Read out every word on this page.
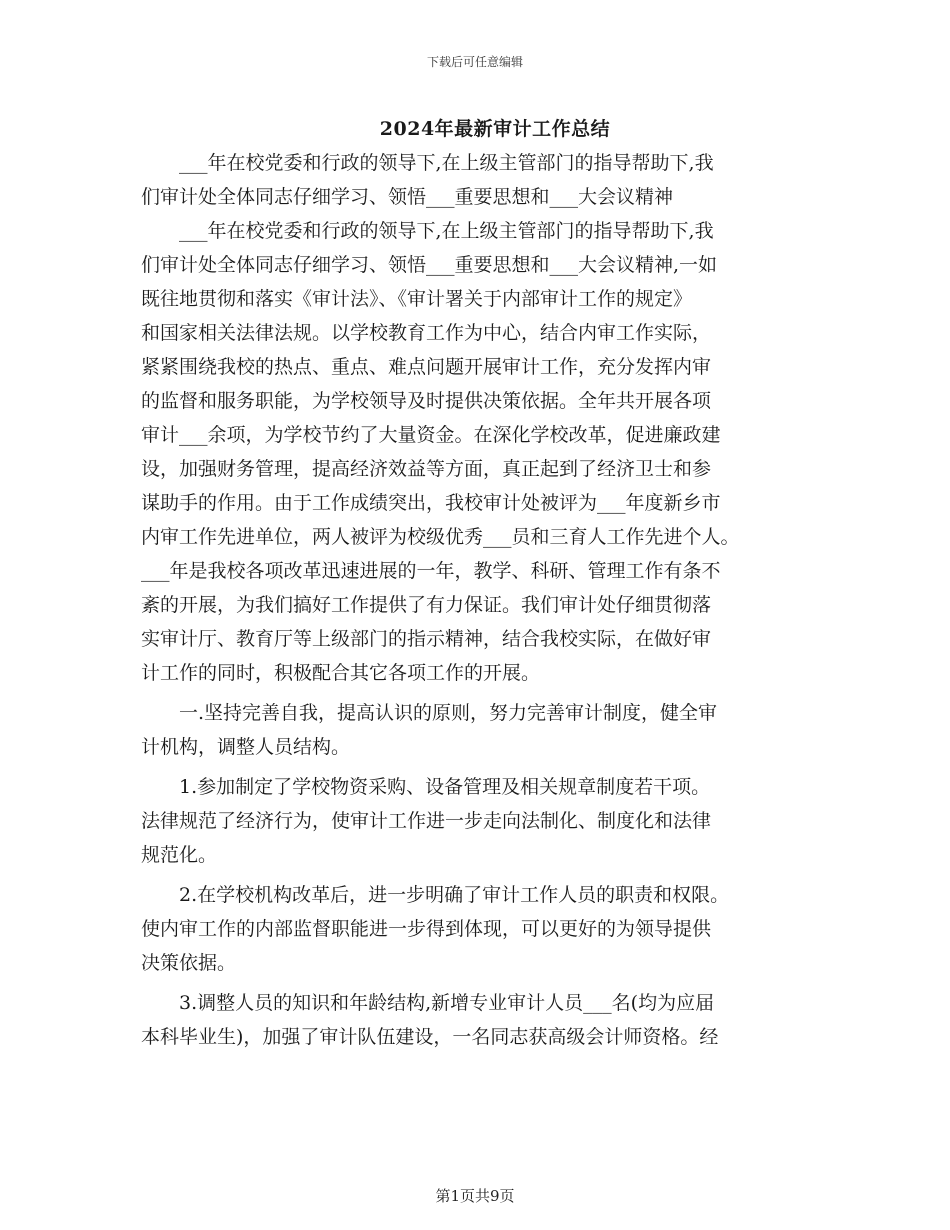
下载后可任意编辑
2024年最新审计工作总结
___年在校党委和行政的领导下,在上级主管部门的指导帮助下,我
们审计处全体同志仔细学习、领悟___重要思想和___大会议精神
___年在校党委和行政的领导下,在上级主管部门的指导帮助下,我
们审计处全体同志仔细学习、领悟___重要思想和___大会议精神,一如
既往地贯彻和落实《审计法》、《审计署关于内部审计工作的规定》
和国家相关法律法规。以学校教育工作为中心，结合内审工作实际，
紧紧围绕我校的热点、重点、难点问题开展审计工作，充分发挥内审
的监督和服务职能，为学校领导及时提供决策依据。全年共开展各项
审计___余项，为学校节约了大量资金。在深化学校改革，促进廉政建
设，加强财务管理，提高经济效益等方面，真正起到了经济卫士和参
谋助手的作用。由于工作成绩突出，我校审计处被评为___年度新乡市
内审工作先进单位，两人被评为校级优秀___员和三育人工作先进个人。
___年是我校各项改革迅速进展的一年，教学、科研、管理工作有条不
紊的开展，为我们搞好工作提供了有力保证。我们审计处仔细贯彻落
实审计厅、教育厅等上级部门的指示精神，结合我校实际，在做好审
计工作的同时，积极配合其它各项工作的开展。
一.坚持完善自我，提高认识的原则，努力完善审计制度，健全审
计机构，调整人员结构。
1.参加制定了学校物资采购、设备管理及相关规章制度若干项。
法律规范了经济行为，使审计工作进一步走向法制化、制度化和法律
规范化。
2.在学校机构改革后，进一步明确了审计工作人员的职责和权限。
使内审工作的内部监督职能进一步得到体现，可以更好的为领导提供
决策依据。
3.调整人员的知识和年龄结构,新增专业审计人员___名(均为应届
本科毕业生)，加强了审计队伍建设，一名同志获高级会计师资格。经
第1页共9页
